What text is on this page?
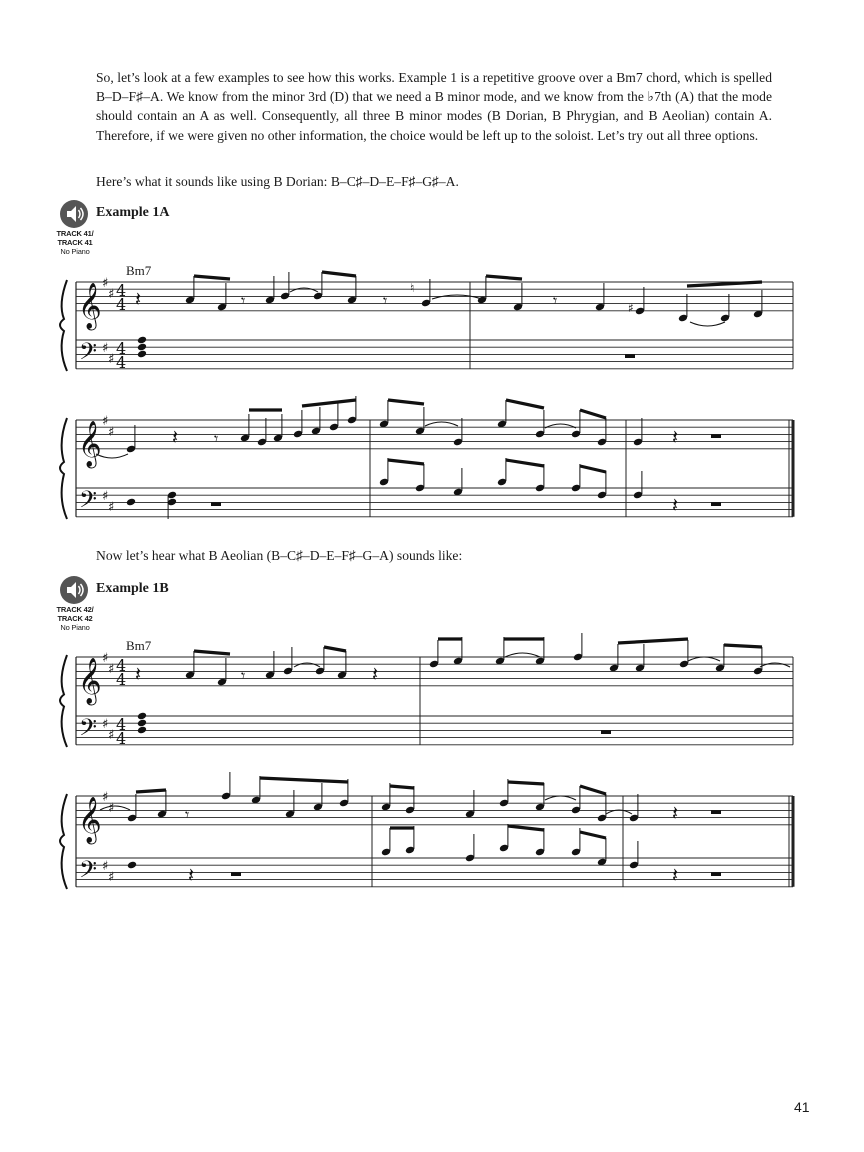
So, let’s look at a few examples to see how this works. Example 1 is a repetitive groove over a Bm7 chord, which is spelled B–D–F♯–A. We know from the minor 3rd (D) that we need a B minor mode, and we know from the ♭7th (A) that the mode should contain an A as well. Consequently, all three B minor modes (B Dorian, B Phrygian, and B Aeolian) contain A. Therefore, if we were given no other information, the choice would be left up to the soloist. Let’s try out all three options.

Here’s what it sounds like using B Dorian: B–C♯–D–E–F♯–G♯–A.

Now let’s hear what B Aeolian (B–C♯–D–E–F♯–G–A) sounds like:

Example 1A
TRACK 41/
TRACK 41
No Piano
Bm7
Example 1B
TRACK 42/
TRACK 42
No Piano
Bm7
𝄞
𝄢
♯
♯
♯
♯
4
4
4
4
𝄽	𝄾	𝄾
♮
𝄾	♯
𝄞
𝄢
♯
♯
♯
♯
𝄽 𝄾	𝄽
𝄽
𝄞
𝄢
♯
♯
♯
♯
4
4
4
4
𝄽	𝄾	𝄽
𝄞
𝄢
♯
♯
♯
♯
𝄾	𝄽
𝄽	𝄽
41
